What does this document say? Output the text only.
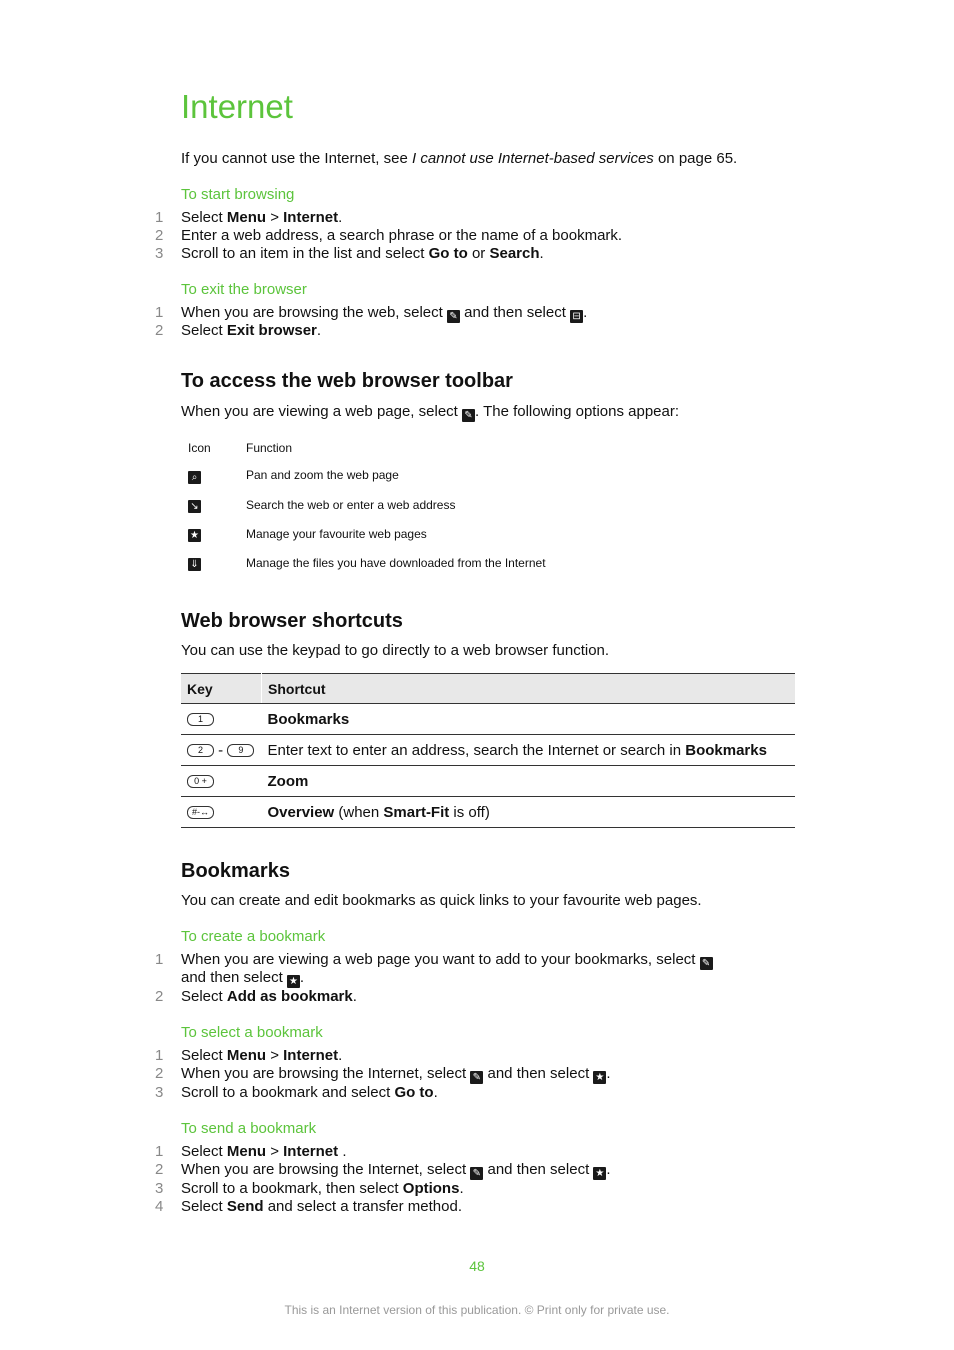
Internet
If you cannot use the Internet, see I cannot use Internet-based services on page 65.
To start browsing
1 Select Menu > Internet.
2 Enter a web address, a search phrase or the name of a bookmark.
3 Scroll to an item in the list and select Go to or Search.
To exit the browser
1 When you are browsing the web, select ✎ and then select ⊟ .
2 Select Exit browser.
To access the web browser toolbar
When you are viewing a web page, select ✎ . The following options appear:
Icon	Function
⌕	Pan and zoom the web page
↘	Search the web or enter a web address
★	Manage your favourite web pages
⇓	Manage the files you have downloaded from the Internet
Web browser shortcuts
You can use the keypad to go directly to a web browser function.
Key	Shortcut
1	Bookmarks
2 - 9	Enter text to enter an address, search the Internet or search in Bookmarks
0 +	Zoom
#-↔	Overview (when Smart-Fit is off)
Bookmarks
You can create and edit bookmarks as quick links to your favourite web pages.
To create a bookmark
1 When you are viewing a web page you want to add to your bookmarks, select ✎
and then select ★ .
2 Select Add as bookmark.
To select a bookmark
1 Select Menu > Internet.
2 When you are browsing the Internet, select ✎ and then select ★ .
3 Scroll to a bookmark and select Go to.
To send a bookmark
1 Select Menu > Internet .
2 When you are browsing the Internet, select ✎ and then select ★ .
3 Scroll to a bookmark, then select Options.
4 Select Send and select a transfer method.
48
This is an Internet version of this publication. © Print only for private use.
